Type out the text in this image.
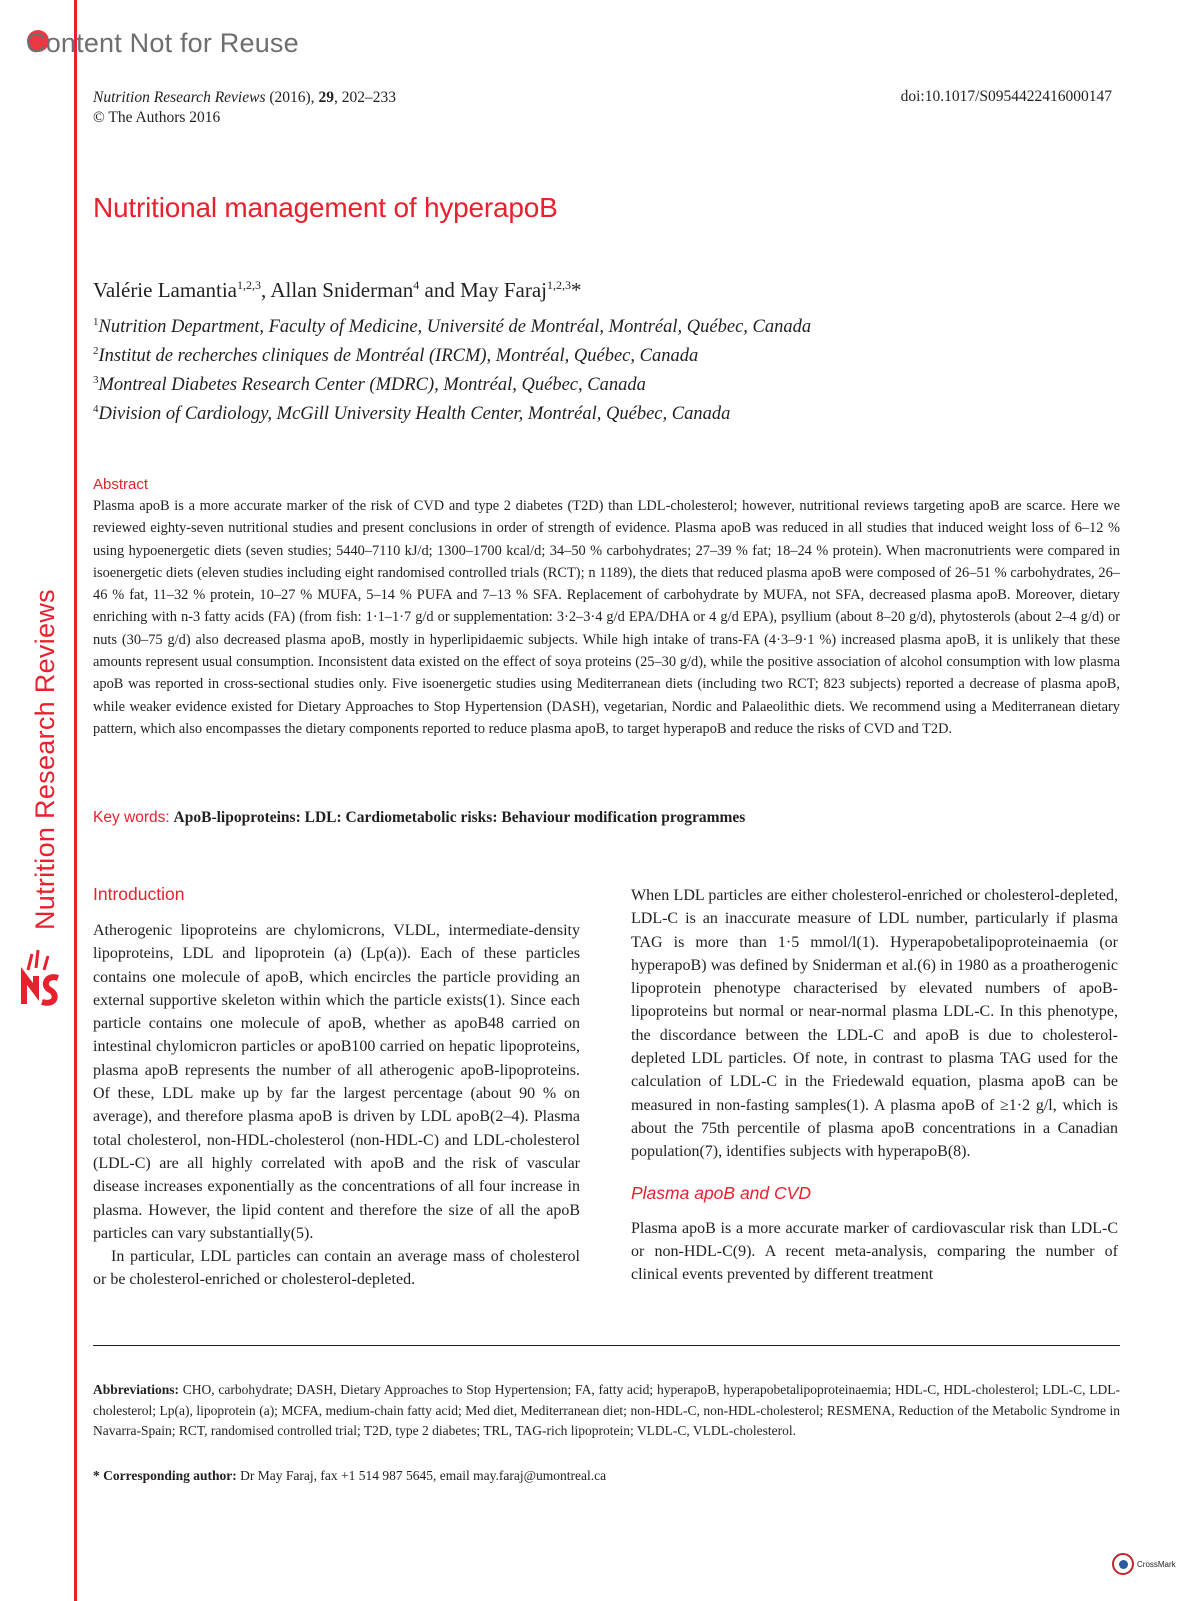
Content Not for Reuse
Nutrition Research Reviews
Nutrition Research Reviews (2016), 29, 202–233
© The Authors 2016
doi:10.1017/S0954422416000147
Nutritional management of hyperapoB
Valérie Lamantia$^{1,2,3}$, Allan Sniderman$^4$ and May Faraj$^{1,2,3}$*
$^1$Nutrition Department, Faculty of Medicine, Université de Montréal, Montréal, Québec, Canada
$^2$Institut de recherches cliniques de Montréal (IRCM), Montréal, Québec, Canada
$^3$Montreal Diabetes Research Center (MDRC), Montréal, Québec, Canada
$^4$Division of Cardiology, McGill University Health Center, Montréal, Québec, Canada
Abstract
Plasma apoB is a more accurate marker of the risk of CVD and type 2 diabetes (T2D) than LDL-cholesterol; however, nutritional reviews targeting apoB are scarce. Here we reviewed eighty-seven nutritional studies and present conclusions in order of strength of evidence. Plasma apoB was reduced in all studies that induced weight loss of 6–12 % using hypoenergetic diets (seven studies; 5440–7110 kJ/d; 1300–1700 kcal/d; 34–50 % carbohydrates; 27–39 % fat; 18–24 % protein). When macronutrients were compared in isoenergetic diets (eleven studies including eight randomised controlled trials (RCT); n 1189), the diets that reduced plasma apoB were composed of 26–51 % carbohydrates, 26–46 % fat, 11–32 % protein, 10–27 % MUFA, 5–14 % PUFA and 7–13 % SFA. Replacement of carbohydrate by MUFA, not SFA, decreased plasma apoB. Moreover, dietary enriching with n-3 fatty acids (FA) (from fish: 1·1–1·7 g/d or supplementation: 3·2–3·4 g/d EPA/DHA or 4 g/d EPA), psyllium (about 8–20 g/d), phytosterols (about 2–4 g/d) or nuts (30–75 g/d) also decreased plasma apoB, mostly in hyperlipidaemic subjects. While high intake of trans-FA (4·3–9·1 %) increased plasma apoB, it is unlikely that these amounts represent usual consumption. Inconsistent data existed on the effect of soya proteins (25–30 g/d), while the positive association of alcohol consumption with low plasma apoB was reported in cross-sectional studies only. Five isoenergetic studies using Mediterranean diets (including two RCT; 823 subjects) reported a decrease of plasma apoB, while weaker evidence existed for Dietary Approaches to Stop Hypertension (DASH), vegetarian, Nordic and Palaeolithic diets. We recommend using a Mediterranean dietary pattern, which also encompasses the dietary components reported to reduce plasma apoB, to target hyperapoB and reduce the risks of CVD and T2D.
Key words: ApoB-lipoproteins: LDL: Cardiometabolic risks: Behaviour modification programmes
Introduction

Atherogenic lipoproteins are chylomicrons, VLDL, intermediate-density lipoproteins, LDL and lipoprotein (a) (Lp(a)). Each of these particles contains one molecule of apoB, which encircles the particle providing an external supportive skeleton within which the particle exists(1). Since each particle contains one molecule of apoB, whether as apoB48 carried on intestinal chylomicron particles or apoB100 carried on hepatic lipoproteins, plasma apoB represents the number of all atherogenic apoB-lipoproteins. Of these, LDL make up by far the largest percentage (about 90 % on average), and therefore plasma apoB is driven by LDL apoB(2–4). Plasma total cholesterol, non-HDL-cholesterol (non-HDL-C) and LDL-cholesterol (LDL-C) are all highly correlated with apoB and the risk of vascular disease increases exponentially as the concentrations of all four increase in plasma. However, the lipid content and therefore the size of all the apoB particles can vary substantially(5).

In particular, LDL particles can contain an average mass of cholesterol or be cholesterol-enriched or cholesterol-depleted.

When LDL particles are either cholesterol-enriched or cholesterol-depleted, LDL-C is an inaccurate measure of LDL number, particularly if plasma TAG is more than 1·5 mmol/l(1). Hyperapobetalipoproteinaemia (or hyperapoB) was defined by Sniderman et al.(6) in 1980 as a proatherogenic lipoprotein phenotype characterised by elevated numbers of apoB-lipoproteins but normal or near-normal plasma LDL-C. In this phenotype, the discordance between the LDL-C and apoB is due to cholesterol-depleted LDL particles. Of note, in contrast to plasma TAG used for the calculation of LDL-C in the Friedewald equation, plasma apoB can be measured in non-fasting samples(1). A plasma apoB of ≥1·2 g/l, which is about the 75th percentile of plasma apoB concentrations in a Canadian population(7), identifies subjects with hyperapoB(8).

Plasma apoB and CVD

Plasma apoB is a more accurate marker of cardiovascular risk than LDL-C or non-HDL-C(9). A recent meta-analysis, comparing the number of clinical events prevented by different treatment

Abbreviations: CHO, carbohydrate; DASH, Dietary Approaches to Stop Hypertension; FA, fatty acid; hyperapoB, hyperapobetalipoproteinaemia; HDL-C, HDL-cholesterol; LDL-C, LDL-cholesterol; Lp(a), lipoprotein (a); MCFA, medium-chain fatty acid; Med diet, Mediterranean diet; non-HDL-C, non-HDL-cholesterol; RESMENA, Reduction of the Metabolic Syndrome in Navarra-Spain; RCT, randomised controlled trial; T2D, type 2 diabetes; TRL, TAG-rich lipoprotein; VLDL-C, VLDL-cholesterol.
* Corresponding author: Dr May Faraj, fax +1 514 987 5645, email may.faraj@umontreal.ca
CrossMark
